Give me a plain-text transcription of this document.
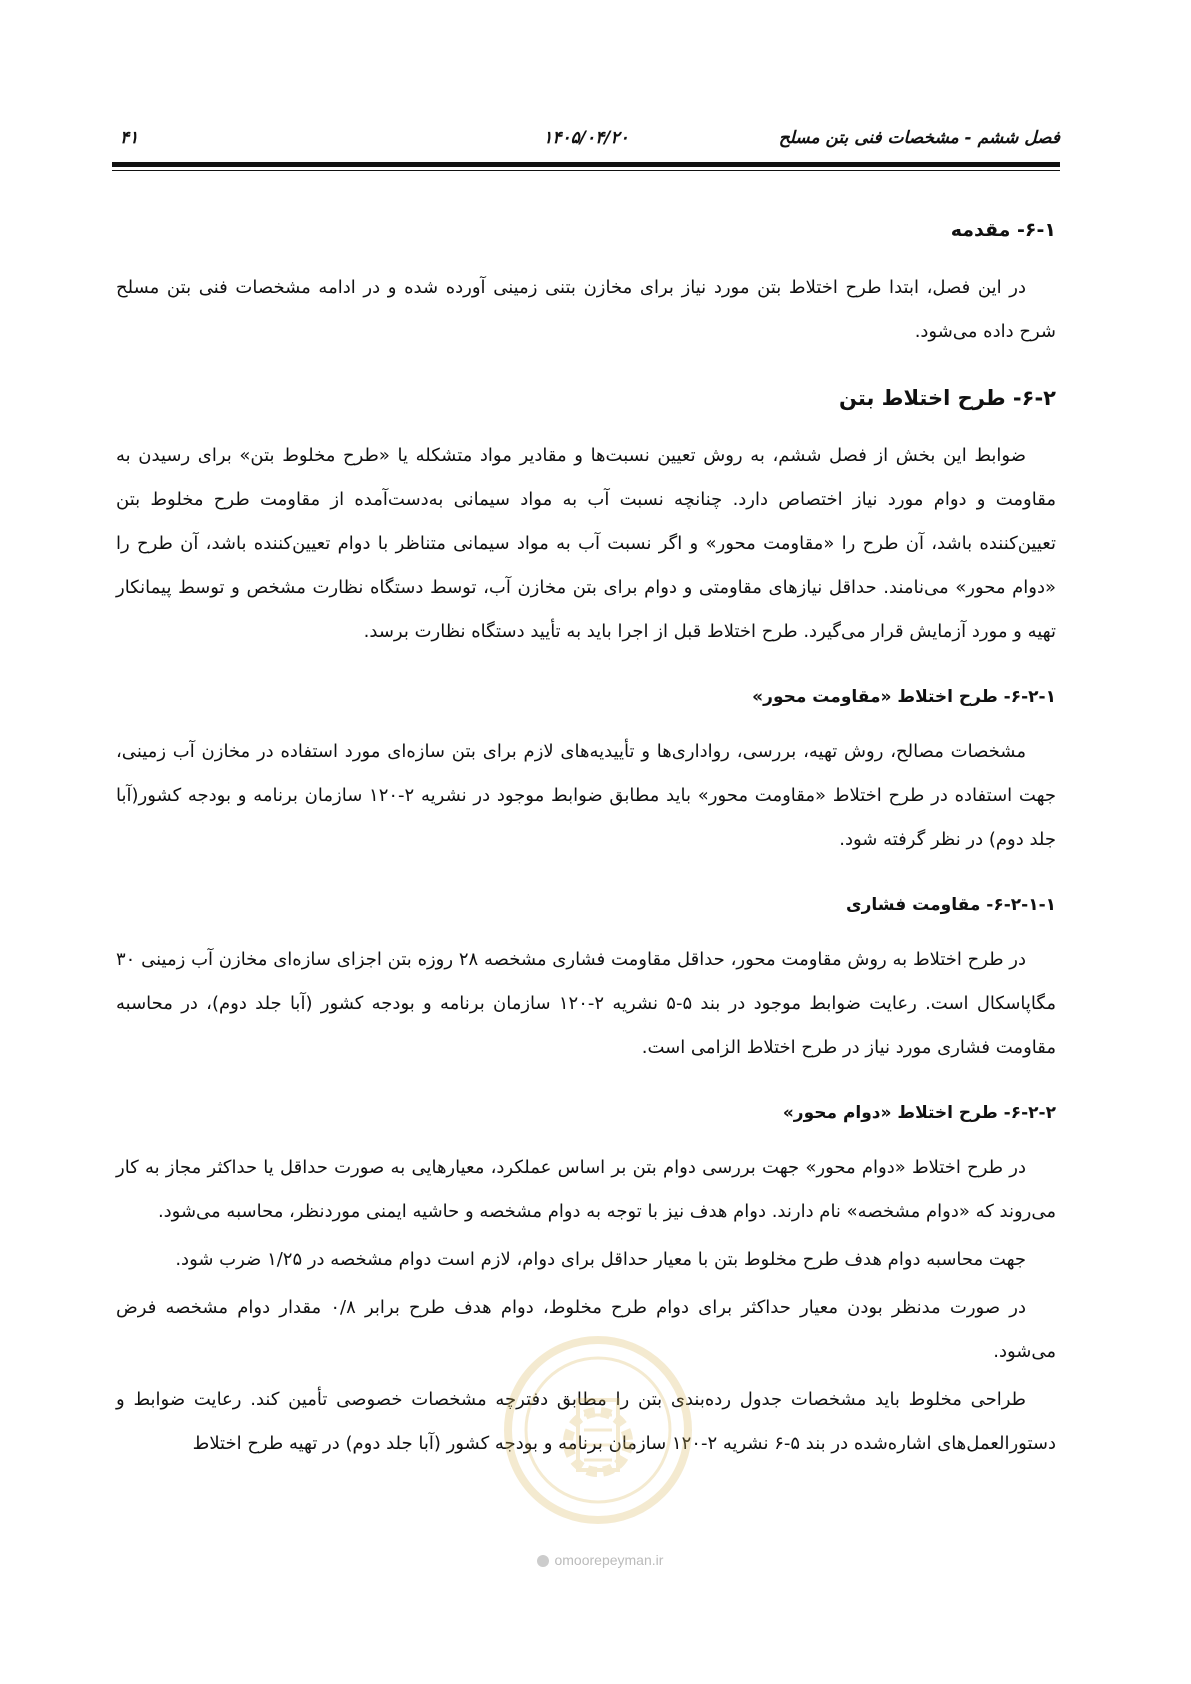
فصل ششم - مشخصات فنی بتن مسلح
۱۴۰۵/۰۴/۲۰
۴۱
۶-۱- مقدمه

در این فصل، ابتدا طرح اختلاط بتن مورد نیاز برای مخازن بتنی زمینی آورده شده و در ادامه مشخصات فنی بتن مسلح شرح داده می‌شود.

۶-۲- طرح اختلاط بتن

ضوابط این بخش از فصل ششم، به روش تعیین نسبت‌ها و مقادیر مواد متشکله یا «طرح مخلوط بتن» برای رسیدن به مقاومت و دوام مورد نیاز اختصاص دارد. چنانچه نسبت آب به مواد سیمانی به‌دست‌آمده از مقاومت طرح مخلوط بتن تعیین‌کننده باشد، آن طرح را «مقاومت محور» و اگر نسبت آب به مواد سیمانی متناظر با دوام تعیین‌کننده باشد، آن طرح را «دوام محور» می‌نامند. حداقل نیازهای مقاومتی و دوام برای بتن مخازن آب، توسط دستگاه نظارت مشخص و توسط پیمانکار تهیه و مورد آزمایش قرار می‌گیرد. طرح اختلاط قبل از اجرا باید به تأیید دستگاه نظارت برسد.

۶-۲-۱- طرح اختلاط «مقاومت محور»

مشخصات مصالح، روش تهیه، بررسی، رواداری‌ها و تأییدیه‌های لازم برای بتن سازه‌ای مورد استفاده در مخازن آب زمینی، جهت استفاده در طرح اختلاط «مقاومت محور» باید مطابق ضوابط موجود در نشریه ۲-۱۲۰ سازمان برنامه و بودجه کشور(آبا جلد دوم) در نظر گرفته شود.

۶-۲-۱-۱- مقاومت فشاری

در طرح اختلاط به روش مقاومت محور، حداقل مقاومت فشاری مشخصه ۲۸ روزه بتن اجزای سازه‌ای مخازن آب زمینی ۳۰ مگاپاسکال است. رعایت ضوابط موجود در بند ۵-۵ نشریه ۲-۱۲۰ سازمان برنامه و بودجه کشور (آبا جلد دوم)، در محاسبه مقاومت فشاری مورد نیاز در طرح اختلاط الزامی است.

۶-۲-۲- طرح اختلاط «دوام محور»

در طرح اختلاط «دوام محور» جهت بررسی دوام بتن بر اساس عملکرد، معیارهایی به صورت حداقل یا حداکثر مجاز به کار می‌روند که «دوام مشخصه» نام دارند. دوام هدف نیز با توجه به دوام مشخصه و حاشیه ایمنی موردنظر، محاسبه می‌شود.

جهت محاسبه دوام هدف طرح مخلوط بتن با معیار حداقل برای دوام، لازم است دوام مشخصه در ۱/۲۵ ضرب شود.

در صورت مدنظر بودن معیار حداکثر برای دوام طرح مخلوط، دوام هدف طرح برابر ۰/۸ مقدار دوام مشخصه فرض می‌شود.

طراحی مخلوط باید مشخصات جدول رده‌بندی بتن را مطابق دفترچه مشخصات خصوصی تأمین کند. رعایت ضوابط و دستورالعمل‌های اشاره‌شده در بند ۵-۶ نشریه ۲-۱۲۰ سازمان برنامه و بودجه کشور (آبا جلد دوم) در تهیه طرح اختلاط

omoorepeyman.ir
